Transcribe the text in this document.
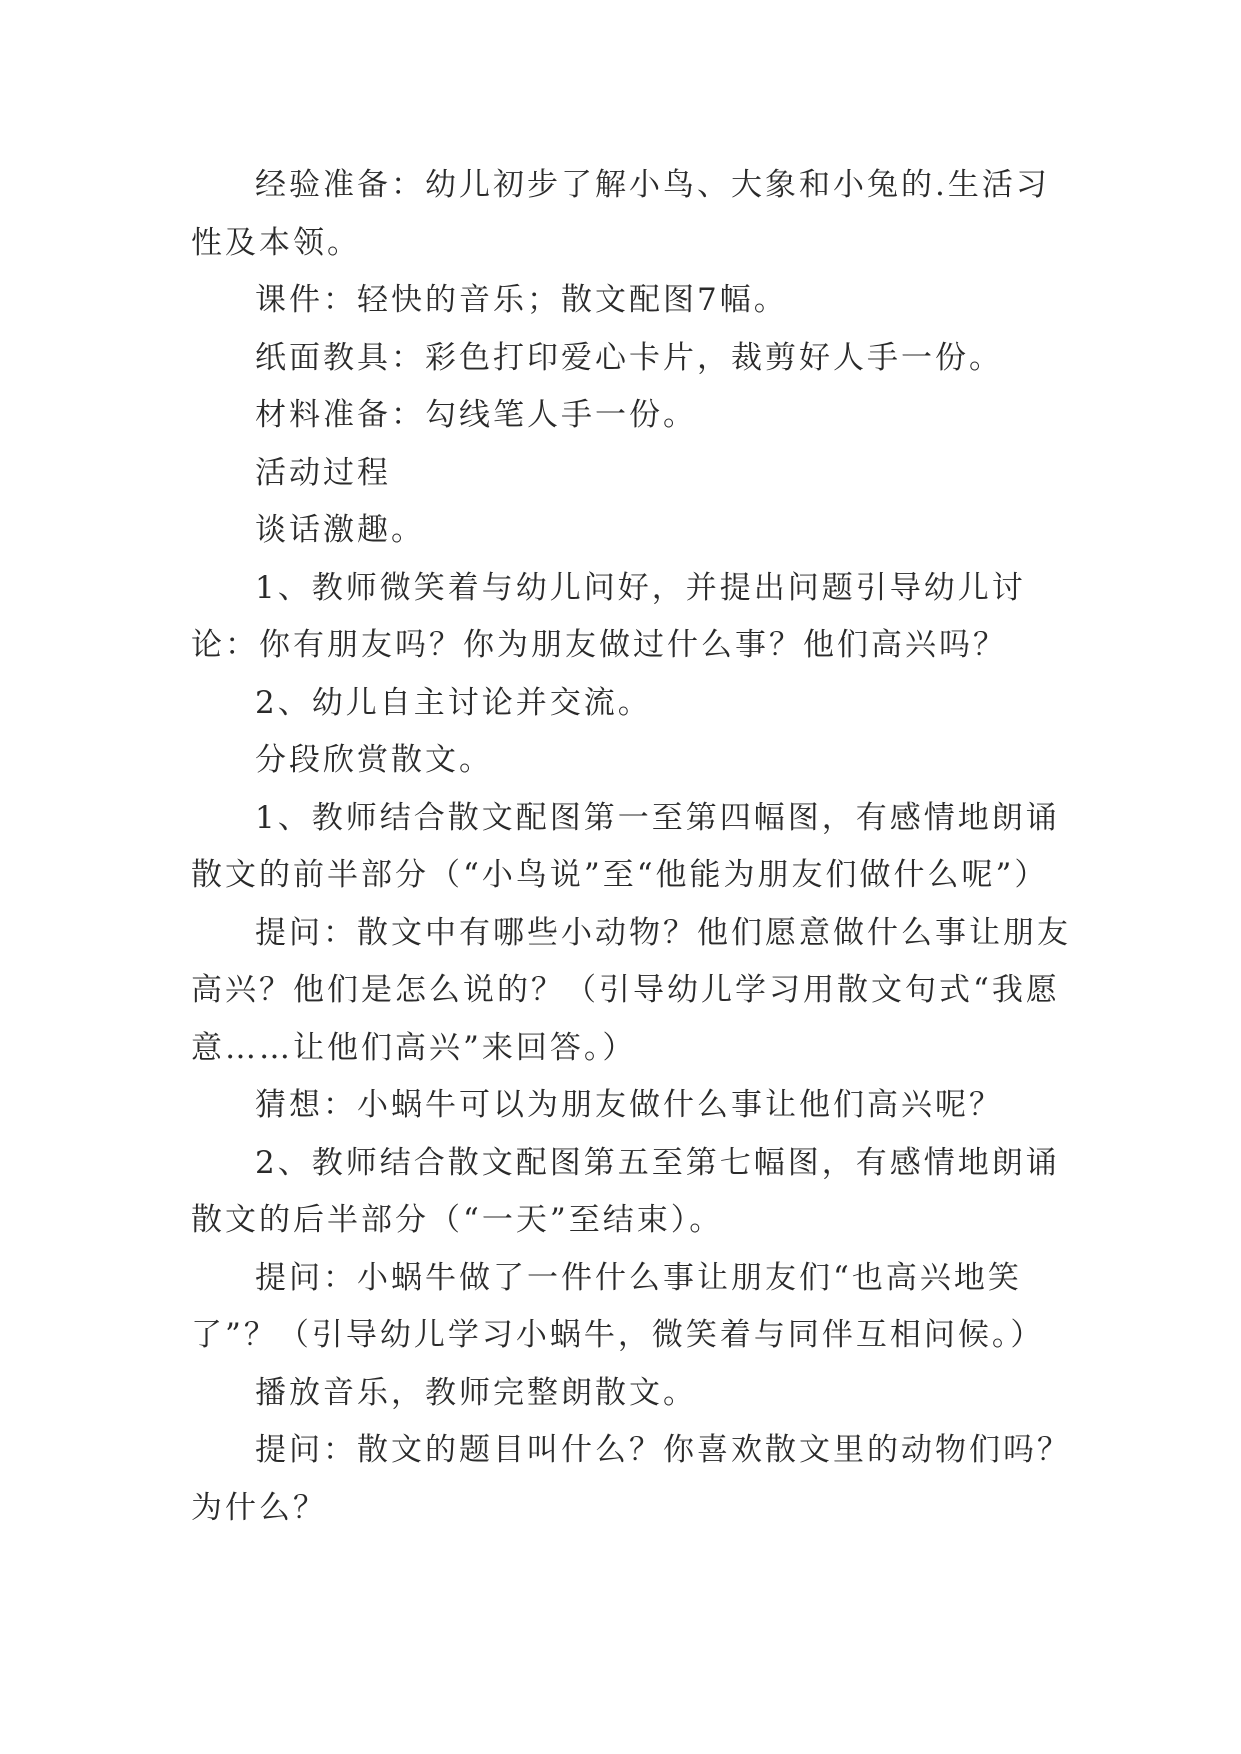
经验准备：幼儿初步了解小鸟、大象和小兔的.生活习性及本领。

课件：轻快的音乐；散文配图7幅。

纸面教具：彩色打印爱心卡片，裁剪好人手一份。

材料准备：勾线笔人手一份。

活动过程

谈话激趣。

1、教师微笑着与幼儿问好，并提出问题引导幼儿讨论：你有朋友吗？你为朋友做过什么事？他们高兴吗？

2、幼儿自主讨论并交流。

分段欣赏散文。

1、教师结合散文配图第一至第四幅图，有感情地朗诵散文的前半部分（“小鸟说”至“他能为朋友们做什么呢”）

提问：散文中有哪些小动物？他们愿意做什么事让朋友高兴？他们是怎么说的？（引导幼儿学习用散文句式“我愿意……让他们高兴”来回答。）

猜想：小蜗牛可以为朋友做什么事让他们高兴呢？

2、教师结合散文配图第五至第七幅图，有感情地朗诵散文的后半部分（“一天”至结束）。

提问：小蜗牛做了一件什么事让朋友们“也高兴地笑了”？（引导幼儿学习小蜗牛，微笑着与同伴互相问候。）

播放音乐，教师完整朗散文。

提问：散文的题目叫什么？你喜欢散文里的动物们吗？为什么？
